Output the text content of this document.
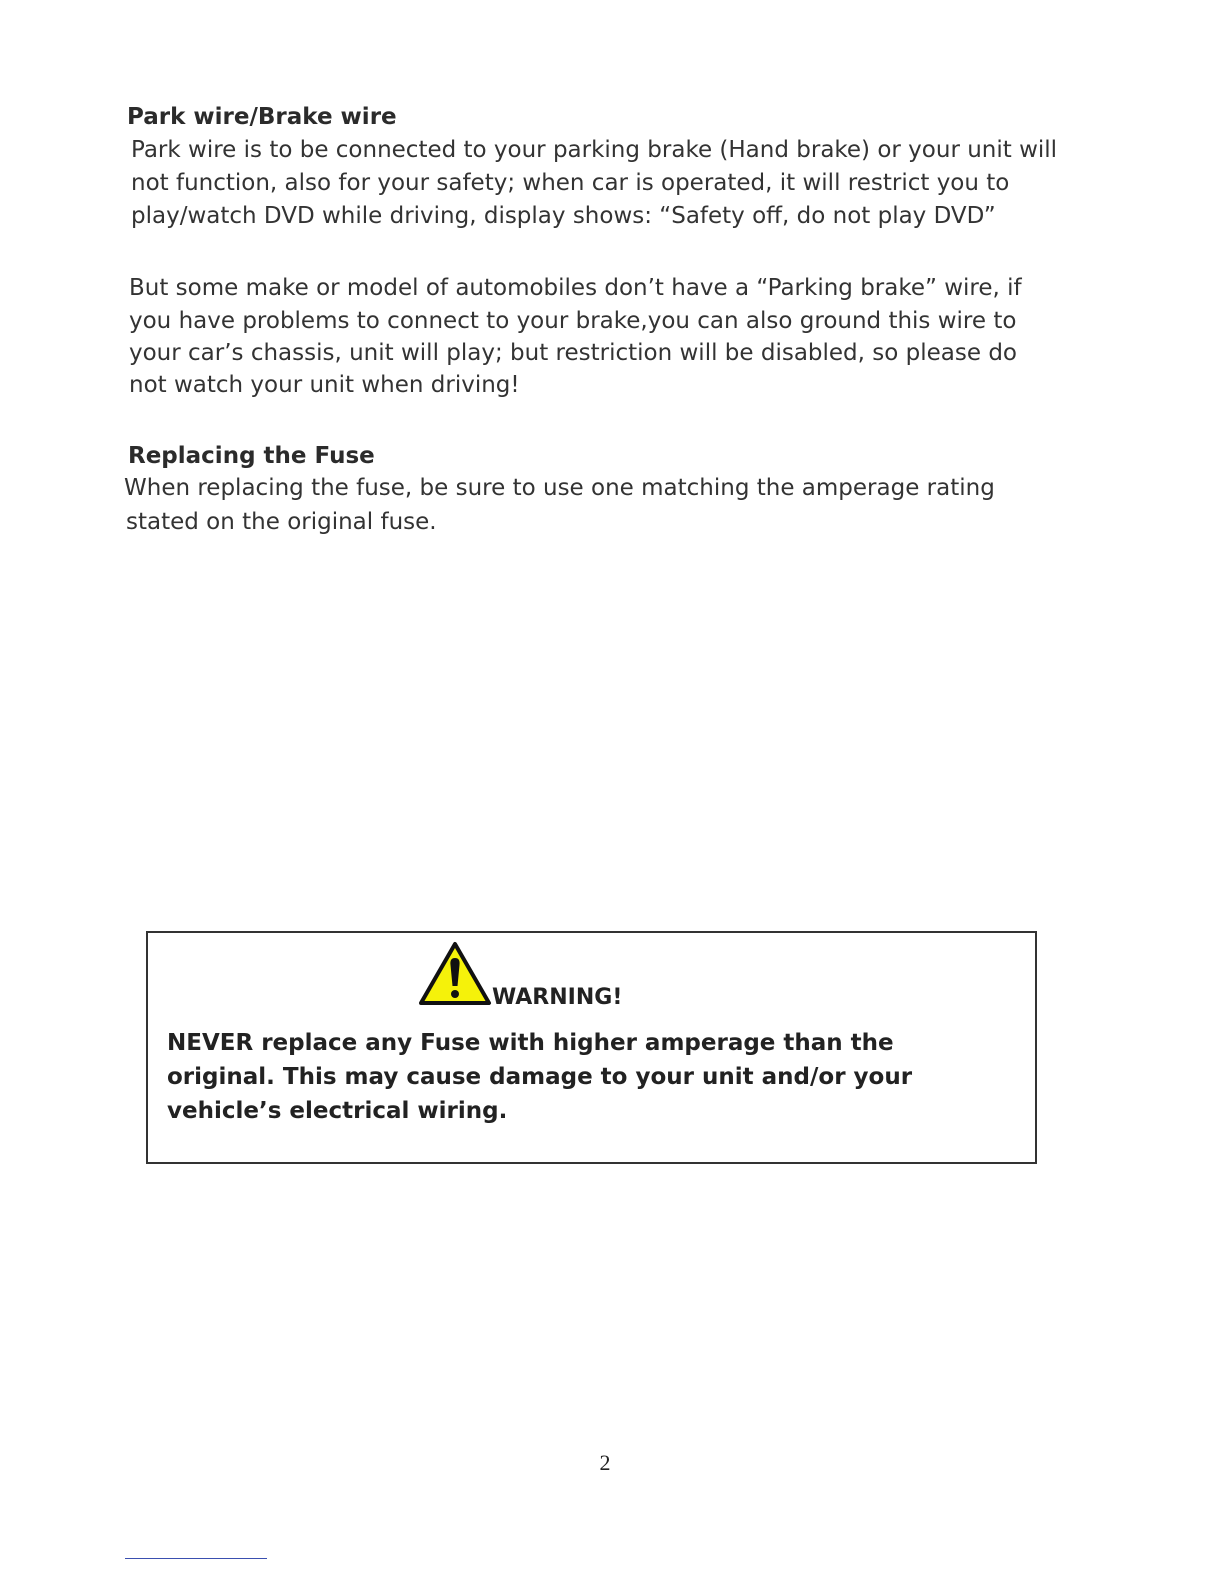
Park wire/Brake wire

Park wire is to be connected to your parking brake (Hand brake) or your unit will

not function, also for your safety; when car is operated, it will restrict you to

play/watch DVD while driving, display shows: “Safety off, do not play DVD”

But some make or model of automobiles don’t have a “Parking brake” wire, if

you have problems to connect to your brake,you can also ground this wire to

your car’s chassis, unit will play; but restriction will be disabled, so please do

not watch your unit when driving!

Replacing the Fuse

When replacing the fuse, be sure to use one matching the amperage rating

stated on the original fuse.

WARNING!
NEVER replace any Fuse with higher amperage than the
original. This may cause damage to your unit and/or your
vehicle’s electrical wiring.
2
